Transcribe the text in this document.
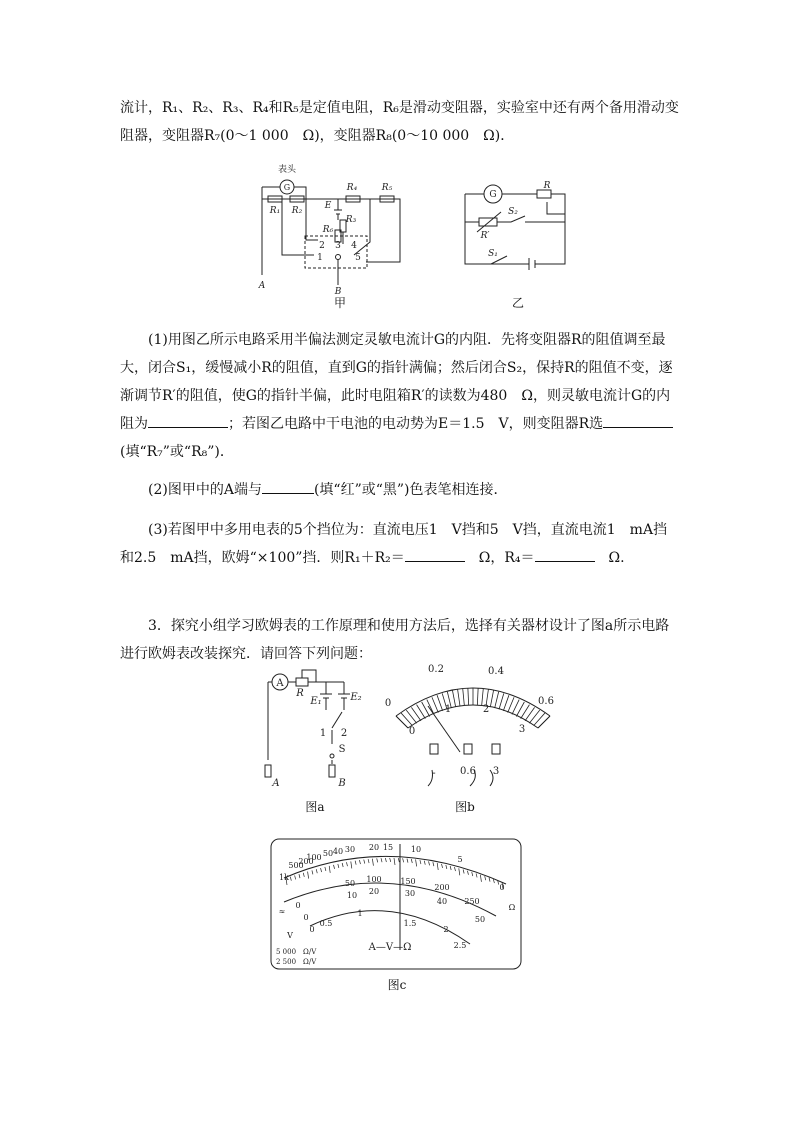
流计，R₁、R₂、R₃、R₄和R₅是定值电阻，R₆是滑动变阻器，实验室中还有两个备用滑动变阻器，变阻器R₇(0～1 000　Ω)，变阻器R₈(0～10 000　Ω)．
表头
G
R₁ R₂
R₄	R₅
E
R₃
R₆
1
2 3 4
5
A
B
甲
G
R
R′
S₂
S₁
乙
(1)用图乙所示电路采用半偏法测定灵敏电流计G的内阻．先将变阻器R的阻值调至最大，闭合S₁，缓慢减小R的阻值，直到G的指针满偏；然后闭合S₂，保持R的阻值不变，逐渐调节R′的阻值，使G的指针半偏，此时电阻箱R′的读数为480　Ω，则灵敏电流计G的内阻为	；若图乙电路中干电池的电动势为E＝1.5　V，则变阻器R选(填“R₇”或“R₈”)．
(2)图甲中的A端与	(填“红”或“黑”)色表笔相连接．
(3)若图甲中多用电表的5个挡位为：直流电压1　V挡和5　V挡，直流电流1　mA挡和2.5　mA挡，欧姆“×100”挡．则R₁＋R₂＝	　Ω，R₄＝	　Ω.
3．探究小组学习欧姆表的工作原理和使用方法后，选择有关器材设计了图a所示电路进行欧姆表改装探究．请回答下列问题：
A
R
E₁	E₂
1 2
S
A	B
图a
0
0.2	0.4
0.6
0
1	2
3
- 0.6 3
图b
1k
500
200
100 50 40 30 20 15 10
5
0
Ω
≈
0
50 100 150
200
250
0
10 20	30
40
50
0
0.5
1
1.5
2
2.5
V
A—V—Ω
5 000　Ω/V
2 500　Ω/V
图c
